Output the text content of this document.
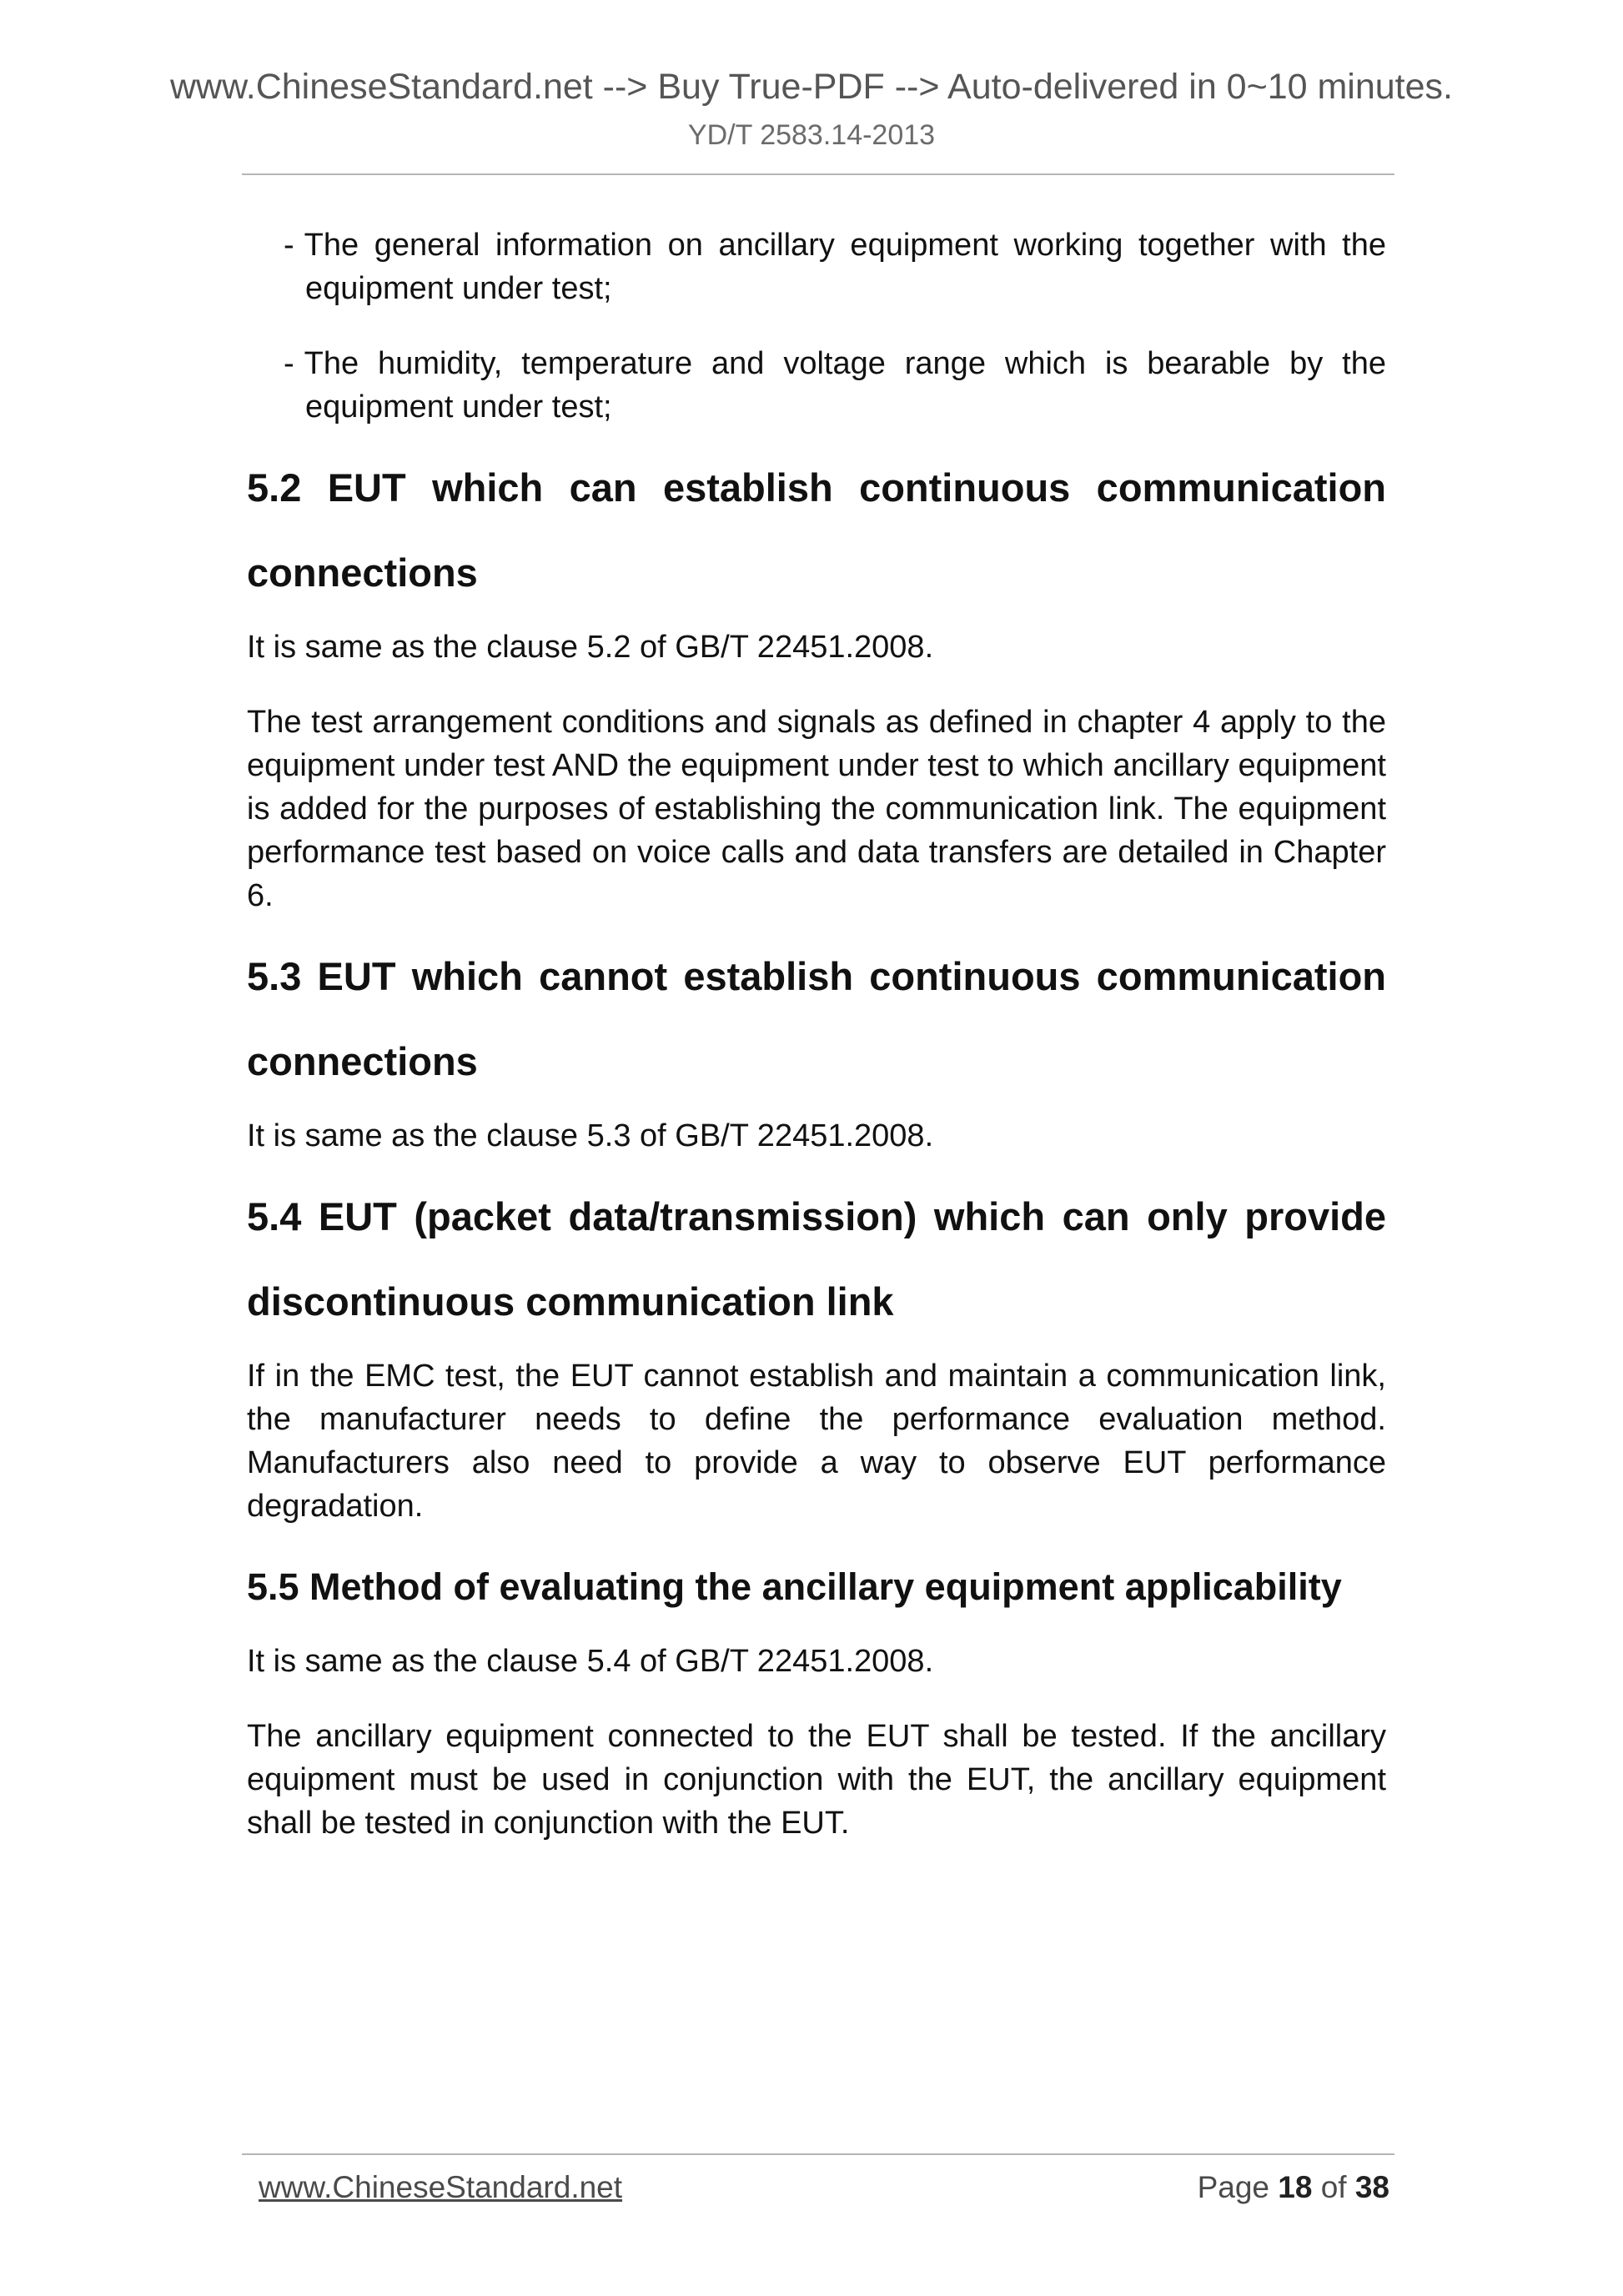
www.ChineseStandard.net --> Buy True-PDF --> Auto-delivered in 0~10 minutes.
YD/T 2583.14-2013
- The general information on ancillary equipment working together with the equipment under test;
- The humidity, temperature and voltage range which is bearable by the equipment under test;
5.2 EUT which can establish continuous communication connections
It is same as the clause 5.2 of GB/T 22451.2008.
The test arrangement conditions and signals as defined in chapter 4 apply to the equipment under test AND the equipment under test to which ancillary equipment is added for the purposes of establishing the communication link. The equipment performance test based on voice calls and data transfers are detailed in Chapter 6.
5.3 EUT which cannot establish continuous communication connections
It is same as the clause 5.3 of GB/T 22451.2008.
5.4 EUT (packet data/transmission) which can only provide discontinuous communication link
If in the EMC test, the EUT cannot establish and maintain a communication link, the manufacturer needs to define the performance evaluation method. Manufacturers also need to provide a way to observe EUT performance degradation.
5.5 Method of evaluating the ancillary equipment applicability
It is same as the clause 5.4 of GB/T 22451.2008.
The ancillary equipment connected to the EUT shall be tested. If the ancillary equipment must be used in conjunction with the EUT, the ancillary equipment shall be tested in conjunction with the EUT.
www.ChineseStandard.net	Page 18 of 38
